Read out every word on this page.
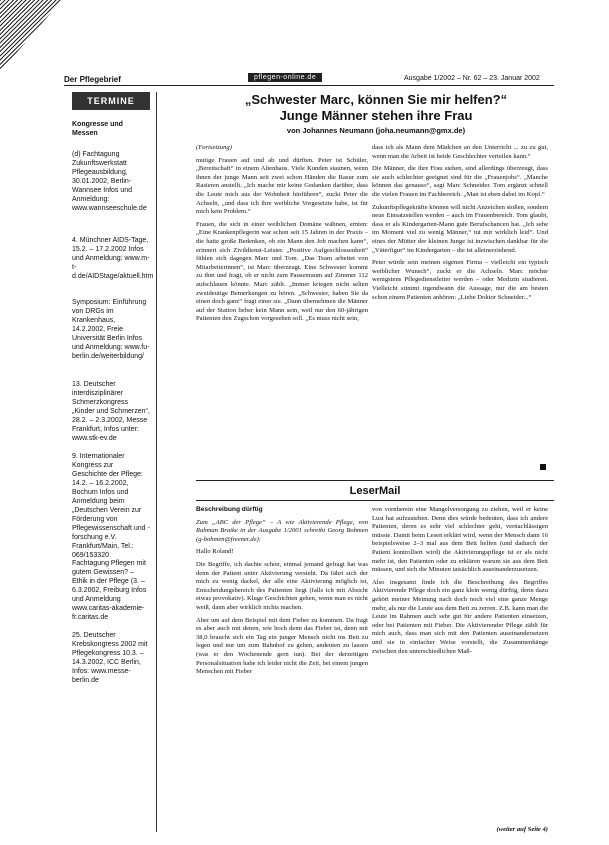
Der Pflegebrief	pflegen-online.de	Ausgabe 1/2002 – Nr. 62 – 23. Januar 2002
TERMINE
Kongresse und Messen
(d) Fachtagung Zukunftswerkstatt Pflegeausbildung, 30.01.2002, Berlin-Wannsee Infos und Anmeldung: www.wannseeschule.de
4. Münchner AIDS-Tage, 15.2. – 17.2.2002 Infos und Anmeldung: www.m-t-d.de/AIDStage/aktuell.htm
Symposium: Einführung von DRGs im Krankenhaus, 14.2.2002, Freie Universität Berlin Infos und Anmeldung: www.fu-berlin.de/weiterbildung/
13. Deutscher interdisziplinärer Schmerzkongress „Kinder und Schmerzen“, 28.2. – 2.3.2002, Messe Frankfurt, Infos unter: www.stk-ev.de
9. Internationaler Kongress zur Geschichte der Pflege: 14.2. – 16.2.2002, Bochum Infos und Anmeldung beim „Deutschen Verein zur Förderung von Pflegewissenschaft und -forschung e.V. Frankfurt/Main, Tel.: 069/153320
Fachtagung Pflegen mit gutem Gewissen? – Ethik in der Pflege (3. – 6.3.2002, Freiburg Infos und Anmeldung www.caritas-akademie-fr.caritas.de
25. Deutscher Krebskongress 2002 mit Pflegekongress 10.3. – 14.3.2002, ICC Berlin, Infos: www.messe-berlin.de
„Schwester Marc, können Sie mir helfen?“
Junge Männer stehen ihre Frau
von Johannes Neumann (joha.neumann@gmx.de)

(Fortsetzung)

mutige Frauen auf und ab und dürften. Peter ist Schüler, „Bereitschaft“ in einem Altenhaus. Viele Kunden staunen, wenn ihnen der junge Mann seit zwei schon Händen die Rasur zum Rasieren anstellt. „Ich mache mir keine Gedanken darüber, dass die Leute mich aus der Wohnheit hinführen“, zuckt Peter die Achseln, „und dass ich ihre weibliche Vorgesetzte habe, ist für mich kein Problem.“

Frauen, die sich in einer weiblichen Domäne wähnen, ernten: „Eine Krankenpflegerin war schon seit 15 Jahren in der Praxis – die hatte große Bedenken, ob ein Mann den Job machen kann“, erinnert sich Zivildienst-Leister. „Positive Aufgeschlossenheit“ fühlen sich dagegen Marc und Tom. „Das Team arbeitet von Mitarbeiterinnen“, ist Marc überzeugt. Eine Schwester kommt zu ihm und fragt, ob er nicht zum Pausenraum auf Zimmer 112 aufschlauen könnte. Marc zählt. „Immer kriegen nicht selten zweideutige Bemerkungen zu hören. „Schwester, haben Sie da einen doch ganz“ fragt einer sie. „Dann übernehmen die Männer auf der Station lieber kein Mann sein, weil nur den 60-jährigen Patienten den Zugschon vorgesehen soll. „Es muss nicht sein,

dass ich als Mann dem Mädchen an den Unterricht ... zu zu gut, wenn man die Arbeit ist beide Geschlechter verteilen kann.“

Die Männer, die ihre Frau stehen, sind allerdings überzeugt, dass sie auch schlechter geeignet sind für die „Frauenjobs“. „Manche können das genauso“, sagt Marc Schneider. Tom ergänzt schnell die vielen Frauen im Fachbereich. „Man ist eben dabei im Kopf.“

Zukunftspflegekräfte können will nicht Anzeichen stoßen, sondern neue Einsatzstellen werden – auch im Frauenbereich. Tom glaubt, dass er als Kindergarten-Mann gute Berufschancen hat. „Ich sehe im Moment viel zu wenig Männer,“ tut mir wirklich leid“. Und eines der Mütter der kleinen Junge ist inzwischen dankbar für die „Väterfigur“ im Kindergarten – die ist alleinerziehend.

Peter würde sein meinen eigenen Firma – vielleicht ein typisch weiblicher Wunsch“, zuckt er die Achseln. Marc möchte wenigstens Pflegedienstleiter werden – oder Medizin studieren. Vielleicht stimmt irgendwann die Aussage, nur die am besten schon einem Patienten anhören: „Liebe Doktor Schneider...“

LeserMail

Beschreibung dürftig

Zum „ABC der Pflege“ – A wie Aktivierende Pflege, von Rahman Braike in der Ausgabe 1/2001 schreibt Georg Bohmen (g-bohmen@freenet.de):

Hallo Roland!

Die Begriffe, ich dachte schon, einmal jemand gefragt hat was denn der Patient unter Aktivierung versteht. Da fährt sich der mich zu wenig dackel, der alle eine Aktivierung möglich ist, Entscheidungsbereich des Patienten liegt (falls ich mit Absicht etwas provokativ). Kluge Geschichten gehen, wenn man es nicht weiß, dann aber wirklich nichts machen.

Aber um auf dem Beispiel mit dem Fieber zu kommen. Da fragt es aber auch mit denen, wie hoch denn das Fieber ist, denn mit 38,0 braucht sich ein Tag ein junger Mensch nicht ins Bett zu legen und nur um zum Bahnhof zu gehen, andeuten zu lassen (was er den Wochenende gern tun). Bei der derzeitigen Personalsituation habe ich leider nicht die Zeit, bei einem jungen Menschen mit Fieber

von vornherein eine Mangelversorgung zu ziehen, weil er keine Lust hat aufzustehen. Denn dies würde bedeuten, dass ich andere Patienten, deren es sehr viel schlechter geht, vernachlässigen müsste. Damit beim Lesen erklärt wird, wenn der Mensch dann 16 beispielsweise 2–3 mal aus dem Bett helfen (und dadurch der Patient kontrolliert wird) die Aktivierungspflege ist er als nicht mehr ist, den Patienten oder zu erklären warum sie aus dem Bett müssen, und sich die Minuten tatsächlich auseinanderzusetzen.

Also insgesamt finde ich die Beschreibung des Begriffes Aktivierende Pflege doch ein ganz klein wenig dürftig, denn dazu gehört meiner Meinung nach doch noch viel eine ganze Menge mehr, als nur die Leute aus dem Bett zu zerren. Z.B. kann man die Leute im Rahmen auch sehr gut für andere Patienten einsetzen, oder bei Patienten mit Fieber. Die Aktivierender Pflege zählt für mich auch, dass man sich mit den Patienten auseinandersetzen und sie in einfacher Weise vorstellt, die Zusammenhänge zwischen den unterschiedlichen Maß-

(weiter auf Seite 4)
